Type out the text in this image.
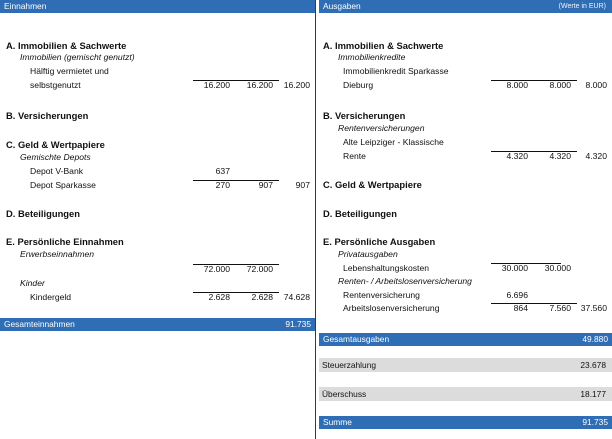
Einnahmen
A. Immobilien & Sachwerte
Immobilien (gemischt genutzt)
Hälftig vermietet und
selbstgenutzt	16.200	16.200	16.200
B. Versicherungen
C. Geld & Wertpapiere
Gemischte Depots
Depot V-Bank	637
Depot Sparkasse	270	907	907
D. Beteiligungen
E. Persönliche Einnahmen
Erwerbseinnahmen
72.000	72.000
Kinder
Kindergeld	2.628	2.628	74.628
Gesamteinnahmen	91.735
Ausgaben	(Werte in EUR)
A. Immobilien & Sachwerte
Immobilienkredite
Immobilienkredit Sparkasse
Dieburg	8.000	8.000	8.000
B. Versicherungen
Rentenversicherungen
Alte Leipziger - Klassische
Rente	4.320	4.320	4.320
C. Geld & Wertpapiere
D. Beteiligungen
E. Persönliche Ausgaben
Privatausgaben
Lebenshaltungskosten	30.000	30.000
Renten- / Arbeitslosenversicherung
Rentenversicherung	6.696
Arbeitslosenversicherung	864	7.560	37.560
Gesamtausgaben	49.880
Steuerzahlung	23.678
Überschuss	18.177
Summe	91.735
